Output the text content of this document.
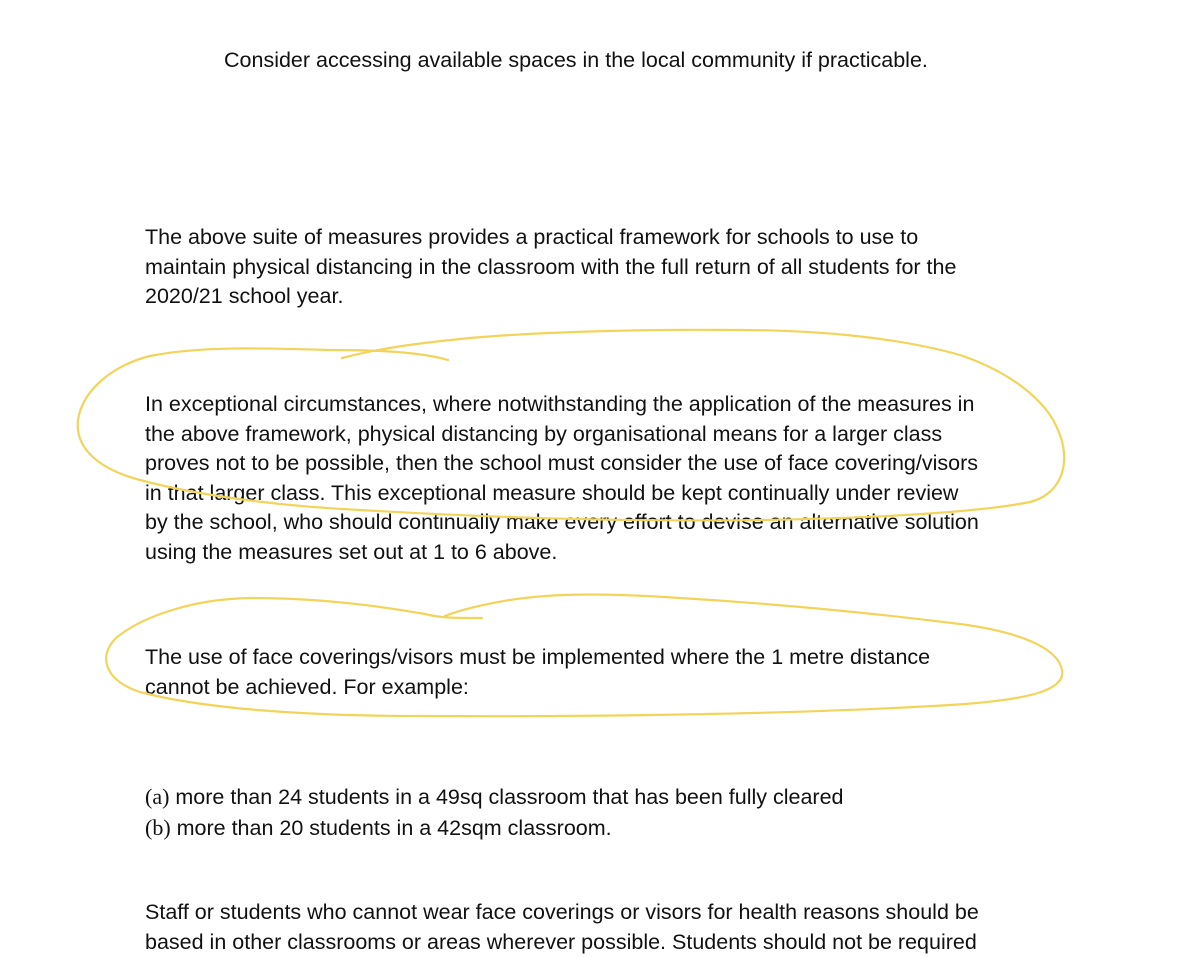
Consider accessing available spaces in the local community if practicable.

The above suite of measures provides a practical framework for schools to use to
maintain physical distancing in the classroom with the full return of all students for the
2020/21 school year.

In exceptional circumstances, where notwithstanding the application of the measures in
the above framework, physical distancing by organisational means for a larger class
proves not to be possible, then the school must consider the use of face covering/visors
in that larger class. This exceptional measure should be kept continually under review
by the school, who should continually make every effort to devise an alternative solution
using the measures set out at 1 to 6 above.

The use of face coverings/visors must be implemented where the 1 metre distance
cannot be achieved. For example:

(a) more than 24 students in a 49sq classroom that has been fully cleared
(b) more than 20 students in a 42sqm classroom.

Staff or students who cannot wear face coverings or visors for health reasons should be
based in other classrooms or areas wherever possible. Students should not be required
